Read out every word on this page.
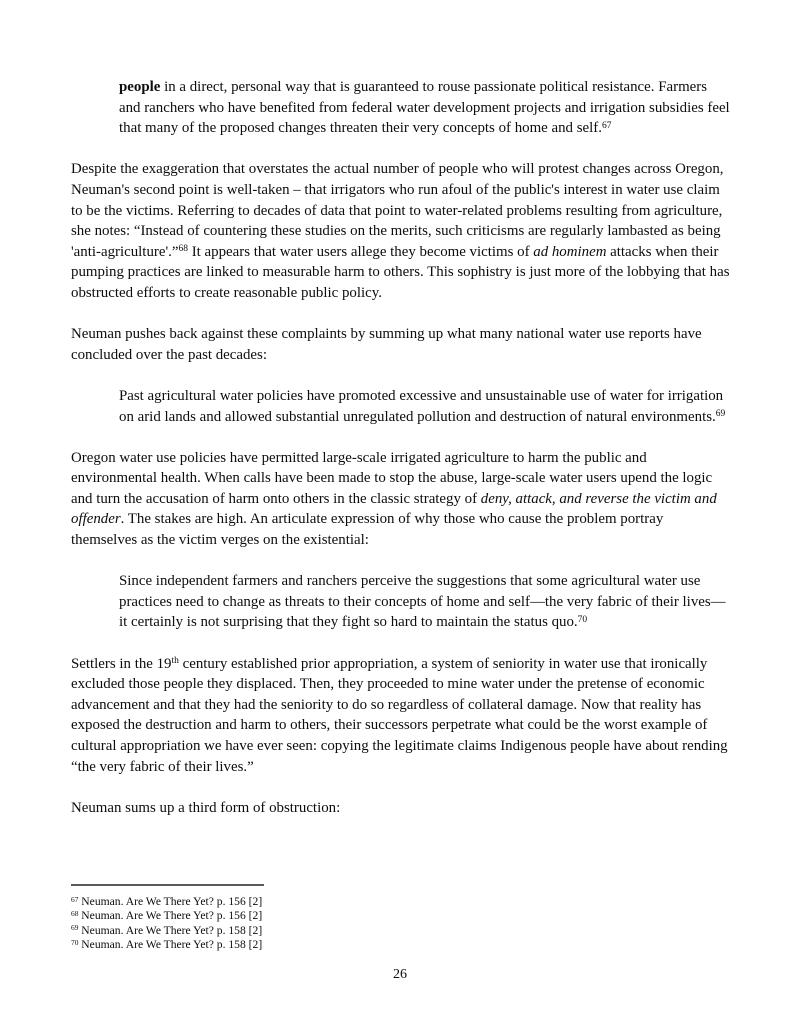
people in a direct, personal way that is guaranteed to rouse passionate political resistance. Farmers and ranchers who have benefited from federal water development projects and irrigation subsidies feel that many of the proposed changes threaten their very concepts of home and self.$^{67}$
Despite the exaggeration that overstates the actual number of people who will protest changes across Oregon, Neuman's second point is well-taken – that irrigators who run afoul of the public's interest in water use claim to be the victims. Referring to decades of data that point to water-related problems resulting from agriculture, she notes: “Instead of countering these studies on the merits, such criticisms are regularly lambasted as being 'anti-agriculture'.”$^{68}$ It appears that water users allege they become victims of ad hominem attacks when their pumping practices are linked to measurable harm to others. This sophistry is just more of the lobbying that has obstructed efforts to create reasonable public policy.
Neuman pushes back against these complaints by summing up what many national water use reports have concluded over the past decades:
Past agricultural water policies have promoted excessive and unsustainable use of water for irrigation on arid lands and allowed substantial unregulated pollution and destruction of natural environments.$^{69}$
Oregon water use policies have permitted large-scale irrigated agriculture to harm the public and environmental health. When calls have been made to stop the abuse, large-scale water users upend the logic and turn the accusation of harm onto others in the classic strategy of deny, attack, and reverse the victim and offender. The stakes are high. An articulate expression of why those who cause the problem portray themselves as the victim verges on the existential:
Since independent farmers and ranchers perceive the suggestions that some agricultural water use practices need to change as threats to their concepts of home and self—the very fabric of their lives—it certainly is not surprising that they fight so hard to maintain the status quo.$^{70}$
Settlers in the 19th century established prior appropriation, a system of seniority in water use that ironically excluded those people they displaced. Then, they proceeded to mine water under the pretense of economic advancement and that they had the seniority to do so regardless of collateral damage. Now that reality has exposed the destruction and harm to others, their successors perpetrate what could be the worst example of cultural appropriation we have ever seen: copying the legitimate claims Indigenous people have about rending “the very fabric of their lives.”
Neuman sums up a third form of obstruction:
$^{67}$ Neuman. Are We There Yet? p. 156 [2]
$^{68}$ Neuman. Are We There Yet? p. 156 [2]
$^{69}$ Neuman. Are We There Yet? p. 158 [2]
$^{70}$ Neuman. Are We There Yet? p. 158 [2]
26
